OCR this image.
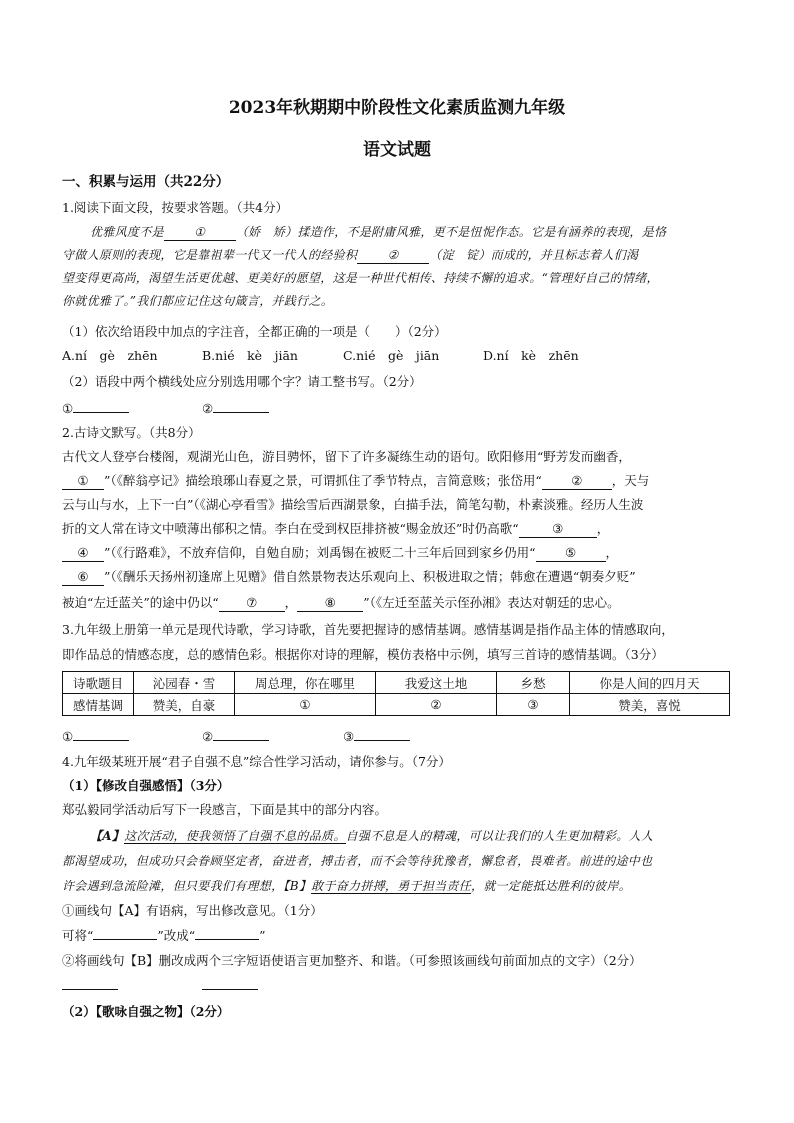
2023年秋期期中阶段性文化素质监测九年级
语文试题
一、积累与运用（共22分）
1.阅读下面文段，按要求答题。（共4分）
优雅风度不是	①	（娇　矫）揉造作，不是附庸风雅，更不是忸怩作态。它是有涵养的表现，是恪
守做人原则的表现，它是靠祖辈一代又一代人的经验积	②	（淀　锭）而成的，并且标志着人们渴
望变得更高尚，渴望生活更优越、更美好的愿望，这是一种世代相传、持续不懈的追求。“管理好自己的情绪，
你就优雅了。”我们都应记住这句箴言，并践行之。
（1）依次给语段中加点的字注音，全都正确的一项是（　　）（2分）
A.ní　gè　zhēn	B.nié　kè　jiān	C.nié　gè　jiān	D.ní　kè　zhēn
（2）语段中两个横线处应分别选用哪个字？请工整书写。（2分）
①	②
2.古诗文默写。（共8分）
古代文人登亭台楼阁，观湖光山色，游目骋怀，留下了许多凝练生动的语句。欧阳修用“野芳发而幽香，
① ”（《醉翁亭记》描绘琅琊山春夏之景，可谓抓住了季节特点，言简意赅；张岱用“ ② ，天与
云与山与水，上下一白”（《湖心亭看雪》描绘雪后西湖景象，白描手法，简笔勾勒，朴素淡雅。经历人生波
折的文人常在诗文中喷薄出郁积之情。李白在受到权臣排挤被“赐金放还”时仍高歌“	③	，
④ ”（《行路难》，不放弃信仰，自勉自励；刘禹锡在被贬二十三年后回到家乡仍用“ ⑤ ，
⑥ ”（《酬乐天扬州初逢席上见赠》借自然景物表达乐观向上、积极进取之情；韩愈在遭遇“朝奏夕贬”
被迫“左迁蓝关”的途中仍以“ ⑦ ， ⑧ ”（《左迁至蓝关示侄孙湘》表达对朝廷的忠心。
3.九年级上册第一单元是现代诗歌，学习诗歌，首先要把握诗的感情基调。感情基调是指作品主体的情感取向，
即作品总的情感态度，总的感情色彩。根据你对诗的理解，模仿表格中示例，填写三首诗的感情基调。（3分）
诗歌题目	沁园春・雪	周总理，你在哪里	我爱这土地	乡愁	你是人间的四月天
感情基调	赞美，自豪	①	②	③	赞美，喜悦
①	②	③
4.九年级某班开展“君子自强不息”综合性学习活动，请你参与。（7分）
（1）【修改自强感悟】（3分）
郑弘毅同学活动后写下一段感言，下面是其中的部分内容。
【A】这次活动，使我领悟了自强不息的品质。自强不息是人的精魂，可以让我们的人生更加精彩。人人
都渴望成功，但成功只会眷顾坚定者，奋进者，搏击者，而不会等待犹豫者，懈怠者，畏难者。前进的途中也
许会遇到急流险滩，但只要我们有理想，【B】敢于奋力拼搏，勇于担当责任，就一定能抵达胜利的彼岸。
①画线句【A】有语病，写出修改意见。（1分）
可将“	”改成“	”
②将画线句【B】删改成两个三字短语使语言更加整齐、和谐。（可参照该画线句前面加点的文字）（2分）
（2）【歌咏自强之物】（2分）
